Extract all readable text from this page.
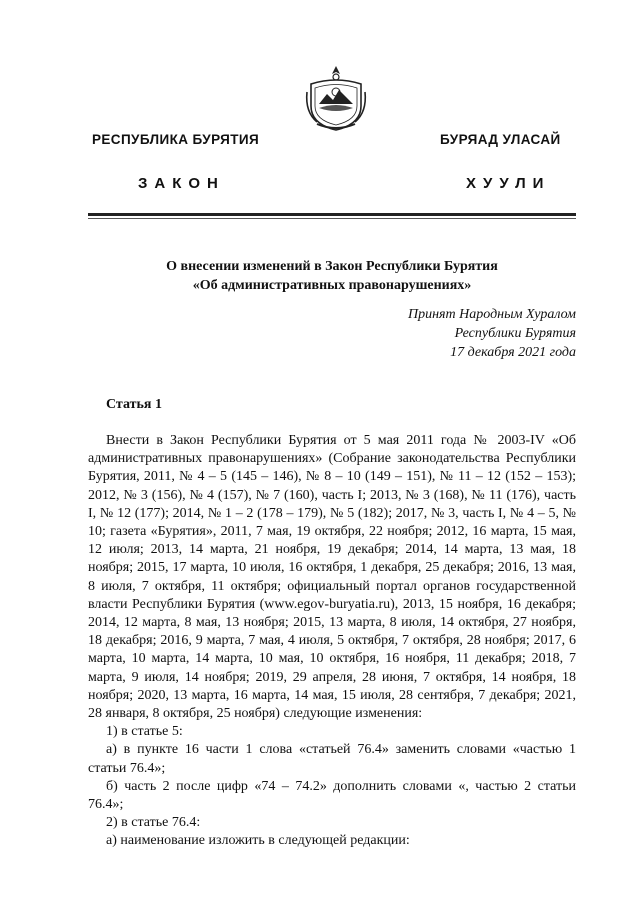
РЕСПУБЛИКА БУРЯТИЯ	БУРЯАД УЛАСАЙ
ЗАКОН	ХУУЛИ
О внесении изменений в Закон Республики Бурятия
«Об административных правонарушениях»
Принят Народным Хуралом
Республики Бурятия
17 декабря 2021 года
Статья 1

Внести в Закон Республики Бурятия от 5 мая 2011 года № 2003-IV «Об административных правонарушениях» (Собрание законодательства Республики Бурятия, 2011, № 4 – 5 (145 – 146), № 8 – 10 (149 – 151), № 11 – 12 (152 – 153); 2012, № 3 (156), № 4 (157), № 7 (160), часть I; 2013, № 3 (168), № 11 (176), часть I, № 12 (177); 2014, № 1 – 2 (178 – 179), № 5 (182); 2017, № 3, часть I, № 4 – 5, № 10; газета «Бурятия», 2011, 7 мая, 19 октября, 22 ноября; 2012, 16 марта, 15 мая, 12 июля; 2013, 14 марта, 21 ноября, 19 декабря; 2014, 14 марта, 13 мая, 18 ноября; 2015, 17 марта, 10 июля, 16 октября, 1 декабря, 25 декабря; 2016, 13 мая, 8 июля, 7 октября, 11 октября; официальный портал органов государственной власти Республики Бурятия (www.egov-buryatia.ru), 2013, 15 ноября, 16 декабря; 2014, 12 марта, 8 мая, 13 ноября; 2015, 13 марта, 8 июля, 14 октября, 27 ноября, 18 декабря; 2016, 9 марта, 7 мая, 4 июля, 5 октября, 7 октября, 28 ноября; 2017, 6 марта, 10 марта, 14 марта, 10 мая, 10 октября, 16 ноября, 11 декабря; 2018, 7 марта, 9 июля, 14 ноября; 2019, 29 апреля, 28 июня, 7 октября, 14 ноября, 18 ноября; 2020, 13 марта, 16 марта, 14 мая, 15 июля, 28 сентября, 7 декабря; 2021, 28 января, 8 октября, 25 ноября) следующие изменения:

1) в статье 5:

а) в пункте 16 части 1 слова «статьей 76.4» заменить словами «частью 1 статьи 76.4»;

б) часть 2 после цифр «74 – 74.2» дополнить словами «, частью 2 статьи 76.4»;

2) в статье 76.4:

а) наименование изложить в следующей редакции:
